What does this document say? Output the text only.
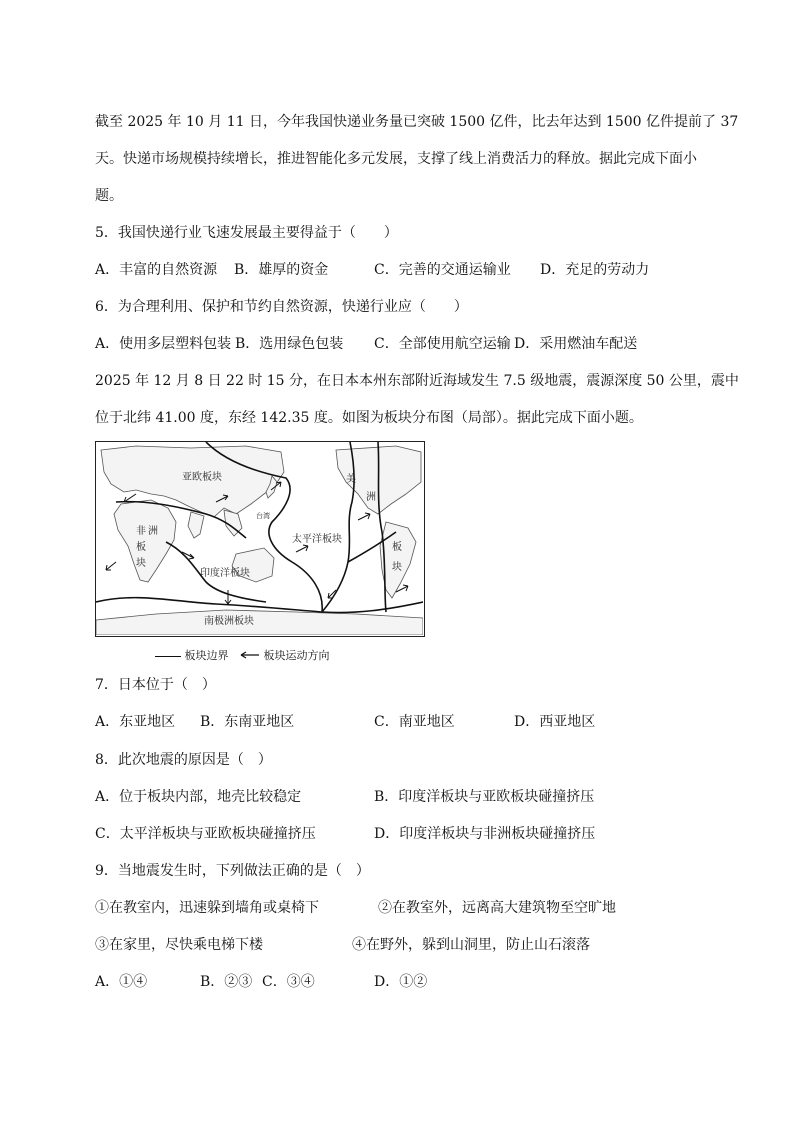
截至 2025 年 10 月 11 日，今年我国快递业务量已突破 1500 亿件，比去年达到 1500 亿件提前了 37
天。快递市场规模持续增长，推进智能化多元发展，支撑了线上消费活力的释放。据此完成下面小
题。
5．我国快递行业飞速发展最主要得益于（　　）
A．丰富的自然资源 B．雄厚的资金	C．完善的交通运输业 D．充足的劳动力
6．为合理利用、保护和节约自然资源，快递行业应（　　）
A．使用多层塑料包装 B．选用绿色包装 C．全部使用航空运输 D．采用燃油车配送
2025 年 12 月 8 日 22 时 15 分，在日本本州东部附近海域发生 7.5 级地震，震源深度 50 公里，震中
位于北纬 41.00 度，东经 142.35 度。如图为板块分布图（局部）。据此完成下面小题。
亚欧板块	美
洲
非 洲
板
块
台湾
太平洋板块
印度洋板块
板
块
南极洲板块
板块边界	板块运动方向
7．日本位于（　）
A．东亚地区 B．东南亚地区	C．南亚地区	D．西亚地区
8．此次地震的原因是（　）
A．位于板块内部，地壳比较稳定	B．印度洋板块与亚欧板块碰撞挤压
C．太平洋板块与亚欧板块碰撞挤压	D．印度洋板块与非洲板块碰撞挤压
9．当地震发生时，下列做法正确的是（　）
①在教室内，迅速躲到墙角或桌椅下	②在教室外，远离高大建筑物至空旷地
③在家里，尽快乘电梯下楼	④在野外，躲到山洞里，防止山石滚落
A．①④	B．②③ C．③④	D．①②
